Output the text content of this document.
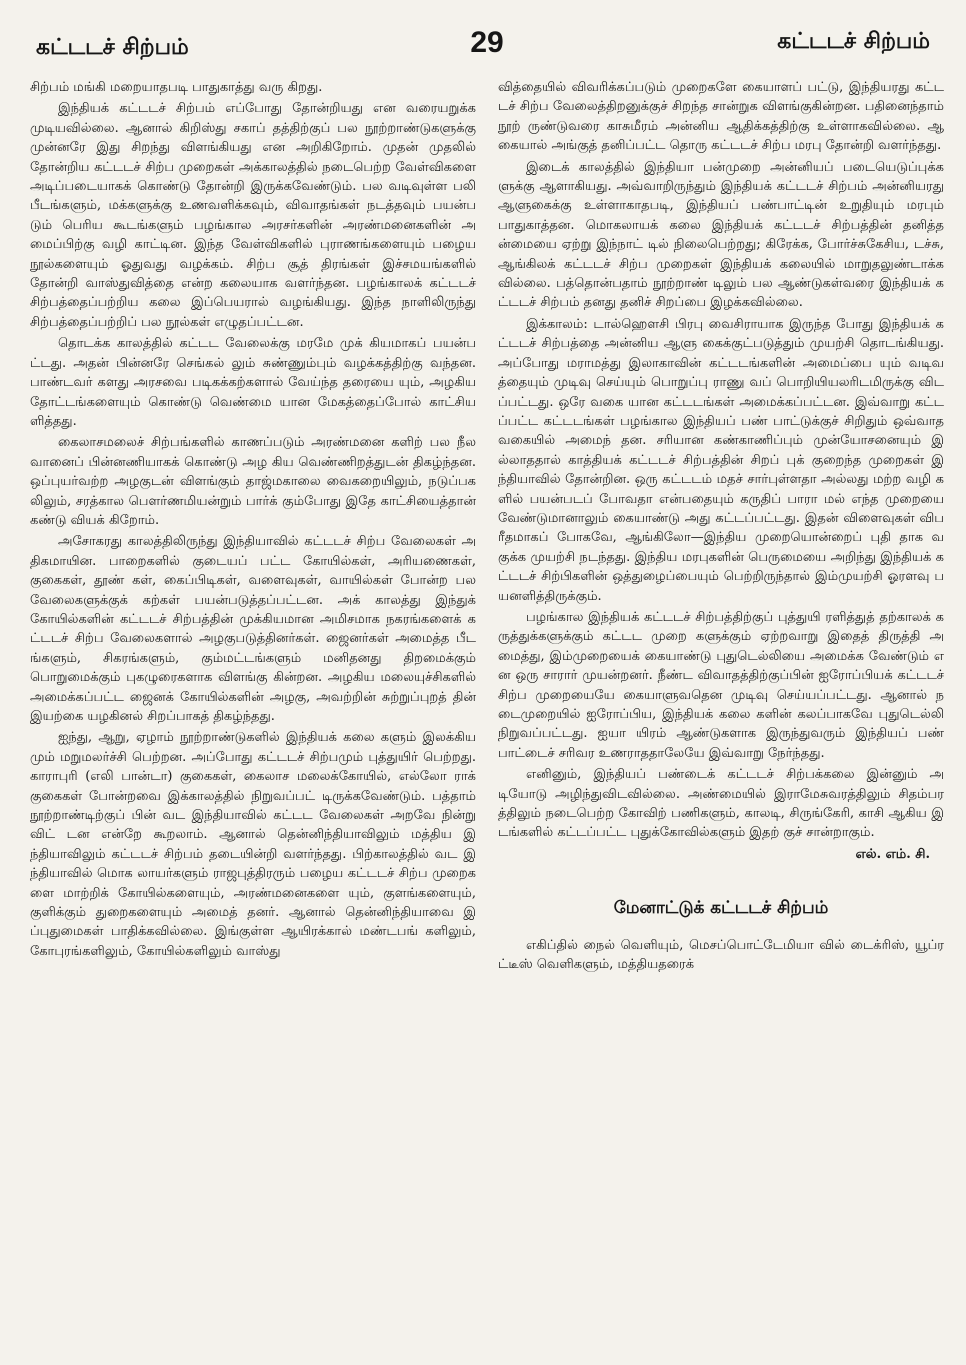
கட்டடச் சிற்பம்	29	கட்டடச் சிற்பம்

சிற்பம் மங்கி மறையாதபடி பாதுகாத்து வரு கிறது.

இந்தியக் கட்டடச் சிற்பம் எப்போது தோன்றியது என வரையறுக்க முடியவில்லை. ஆனால் கிறிஸ்து சகாப் தத்திற்குப் பல நூற்றாண்டுகளுக்கு முன்னரே இது சிறந்து விளங்கியது என அறிகிறோம். முதன் முதலில் தோன்றிய கட்டடச் சிற்ப முறைகள் அக்காலத்தில் நடைபெற்ற வேள்விகளை அடிப்படையாகக் கொண்டு தோன்றி இருக்கவேண்டும். பல வடிவுள்ள பலி பீடங்களும், மக்களுக்கு உணவளிக்கவும், விவாதங்கள் நடத்தவும் பயன்படும் பெரிய கூடங்களும் பழங்கால அரசர்களின் அரண்மனைகளின் அமைப்பிற்கு வழி காட்டின. இந்த வேள்விகளில் புராணங்களையும் பழைய நூல்களையும் ஓதுவது வழக்கம். சிற்ப சூத் திரங்கள் இச்சமயங்களில் தோன்றி வாஸ்துவித்தை என்ற கலையாக வளர்ந்தன. பழங்காலக் கட்டடச் சிற்பத்தைப்பற்றிய கலை இப்பெயரால் வழங்கியது. இந்த நாளிலிருந்து சிற்பத்தைப்பற்றிப் பல நூல்கள் எழுதப்பட்டன.

தொடக்க காலத்தில் கட்டட வேலைக்கு மரமே முக் கியமாகப் பயன்பட்டது. அதன் பின்னரே செங்கல் லும் சுண்ணும்பும் வழக்கத்திற்கு வந்தன. பாண்டவர் களது அரசவை படிகக்கற்களால் வேய்ந்த தரையை யும், அழகிய தோட்டங்களையும் கொண்டு வெண்மை யான மேகத்தைப்போல் காட்சியளித்தது.

கைலாசமலைச் சிற்பங்களில் காணப்படும் அரண்மனை களிற் பல நீல வானைப் பின்னணியாகக் கொண்டு அழ கிய வெண்ணிறத்துடன் திகழ்ந்தன. ஒப்புயர்வற்ற அழகுடன் விளங்கும் தாஜ்மகாலை வைகறையிலும், நடுப்பகலிலும், சரத்கால பௌர்ணமியன்றும் பார்க் கும்போது இதே காட்சியைத்தான் கண்டு வியக் கிறோம்.

அசோகரது காலத்திலிருந்து இந்தியாவில் கட்டடச் சிற்ப வேலைகள் அதிகமாயின. பாறைகளில் குடையப் பட்ட கோயில்கள், அரியணைகள், குகைகள், தூண் கள், கைப்பிடிகள், வளைவுகள், வாயில்கள் போன்ற பல வேலைகளுக்குக் கற்கள் பயன்படுத்தப்பட்டன. அக் காலத்து இந்துக் கோயில்களின் கட்டடச் சிற்பத்தின் முக்கியமான அமிசமாக நகரங்களைக் கட்டடச் சிற்ப வேலைகளால் அழகுபடுத்தினர்கள். ஜைனர்கள் அமைத்த பீடங்களும், சிகரங்களும், கும்மட்டங்களும் மனிதனது திறமைக்கும் பொறுமைக்கும் புகழுரைகளாக விளங்கு கின்றன. அழகிய மலையுச்சிகளில் அமைக்கப்பட்ட ஜைனக் கோயில்களின் அழகு, அவற்றின் சுற்றுப்புறத் தின் இயற்கை யழகினல் சிறப்பாகத் திகழ்ந்தது.

ஐந்து, ஆறு, ஏழாம் நூற்றாண்டுகளில் இந்தியக் கலை களும் இலக்கியமும் மறுமலர்ச்சி பெற்றன. அப்போது கட்டடச் சிற்பமும் புத்துயிர் பெற்றது. காராபுரி (எலி பான்டா) குகைகள், கைலாச மலைக்கோயில், எல்லோ ராக் குகைகள் போன்றவை இக்காலத்தில் நிறுவப்பட் டிருக்கவேண்டும். பத்தாம் நூற்றாண்டிற்குப் பின் வட இந்தியாவில் கட்டட வேலைகள் அறவே நின்று விட் டன என்றே கூறலாம். ஆனால் தென்னிந்தியாவிலும் மத்திய இந்தியாவிலும் கட்டடச் சிற்பம் தடையின்றி வளர்ந்தது. பிற்காலத்தில் வட இந்தியாவில் மொக லாயர்களும் ராஜபுத்திரரும் பழைய கட்டடச் சிற்ப முறைகளை மாற்றிக் கோயில்களையும், அரண்மனைகளை யும், குளங்களையும், குளிக்கும் துறைகளையும் அமைத் தனர். ஆனால் தென்னிந்தியாவை இப்புதுமைகள் பாதிக்கவில்லை. இங்குள்ள ஆயிரக்கால் மண்டபங் களிலும், கோபுரங்களிலும், கோயில்களிலும் வாஸ்து

வித்தையில் விவரிக்கப்படும் முறைகளே கையாளப் பட்டு, இந்தியரது கட்டடச் சிற்ப வேலைத்திறனுக்குச் சிறந்த சான்றுக விளங்குகின்றன. பதினைந்தாம் நூற் ருண்டுவரை காசுமீரம் அன்னிய ஆதிக்கத்திற்கு உள்ளாகவில்லை. ஆகையால் அங்குத் தனிப்பட்ட தொரு கட்டடச் சிற்ப மரபு தோன்றி வளர்ந்தது.

இடைக் காலத்தில் இந்தியா பன்முறை அன்னியப் படையெடுப்புக்களுக்கு ஆளாகியது. அவ்வாறிருந்தும் இந்தியக் கட்டடச் சிற்பம் அன்னியரது ஆளுகைக்கு உள்ளாகாதபடி, இந்தியப் பண்பாட்டின் உறுதியும் மரபும் பாதுகாத்தன. மொகலாயக் கலை இந்தியக் கட்டடச் சிற்பத்தின் தனித்தன்மையை ஏற்று இந்நாட் டில் நிலைபெற்றது; கிரேக்க, போர்ச்சுகேசிய, டச்சு, ஆங்கிலக் கட்டடச் சிற்ப முறைகள் இந்தியக் கலையில் மாறுதலுண்டாக்கவில்லை. பத்தொன்பதாம் நூற்றாண் டிலும் பல ஆண்டுகள்வரை இந்தியக் கட்டடச் சிற்பம் தனது தனிச் சிறப்பை இழக்கவில்லை.

இக்காலம்: டால்ஹௌசி பிரபு வைசிராயாக இருந்த போது இந்தியக் கட்டடச் சிற்பத்தை அன்னிய ஆளு கைக்குட்படுத்தும் முயற்சி தொடங்கியது. அப்போது மராமத்து இலாகாவின் கட்டடங்களின் அமைப்பை யும் வடிவத்தையும் முடிவு செய்யும் பொறுப்பு ராணு வப் பொறியியலரிடமிருக்கு விடப்பட்டது. ஒரே வகை யான கட்டடங்கள் அமைக்கப்பட்டன. இவ்வாறு கட்டப்பட்ட கட்டடங்கள் பழங்கால இந்தியப் பண் பாட்டுக்குச் சிறிதும் ஒவ்வாத வகையில் அமைந் தன. சரியான கண்காணிப்பும் முன்யோசனையும் இல்லாததால் காத்தியக் கட்டடச் சிற்பத்தின் சிறப் புக் குறைந்த முறைகள் இந்தியாவில் தோன்றின. ஒரு கட்டடம் மதச் சார்புள்ளதா அல்லது மற்ற வழி களில் பயன்படப் போவதா என்பதையும் கருதிப் பாரா மல் எந்த முறையை வேண்டுமானாலும் கையாண்டு அது கட்டப்பட்டது. இதன் விளைவுகள் விபரீதமாகப் போகவே, ஆங்கிலோ—இந்திய முறையொன்றைப் புதி தாக வகுக்க முயற்சி நடந்தது. இந்திய மரபுகளின் பெருமையை அறிந்து இந்தியக் கட்டடச் சிற்பிகளின் ஒத்துழைப்பையும் பெற்றிருந்தால் இம்முயற்சி ஓரளவு பயனளித்திருக்கும்.

பழங்கால இந்தியக் கட்டடச் சிற்பத்திற்குப் புத்துயி ரளித்துத் தற்காலக் கருத்துக்களுக்கும் கட்டட முறை களுக்கும் ஏற்றவாறு இதைத் திருத்தி அமைத்து, இம்முறையைக் கையாண்டு புதுடெல்லியை அமைக்க வேண்டும் என ஒரு சாரார் முயன்றனர். நீண்ட விவாதத்திற்குப்பின் ஐரோப்பியக் கட்டடச் சிற்ப முறையையே கையாளுவதென முடிவு செய்யப்பட்டது. ஆனால் நடைமுறையில் ஐரோப்பிய, இந்தியக் கலை களின் கலப்பாகவே புதுடெல்லி நிறுவப்பட்டது. ஐயா யிரம் ஆண்டுகளாக இருந்துவரும் இந்தியப் பண் பாட்டைச் சரிவர உணராததாலேயே இவ்வாறு நேர்ந்தது.

எனினும், இந்தியப் பண்டைக் கட்டடச் சிற்பக்கலை இன்னும் அடியோடு அழிந்துவிடவில்லை. அண்மையில் இராமேசுவரத்திலும் சிதம்பரத்திலும் நடைபெற்ற கோவிற் பணிகளும், காலடி, சிருங்கேரி, காசி ஆகிய இடங்களில் கட்டப்பட்ட புதுக்கோவில்களும் இதற் குச் சான்றாகும்.

எல். எம். சி.
மேனாட்டுக் கட்டடச் சிற்பம்

எகிப்தில் நைல் வெளியும், மெசப்பொட்டேமியா வில் டைக்ரிஸ், யூப்ரட்டீஸ் வெளிகளும், மத்தியதரைக்
